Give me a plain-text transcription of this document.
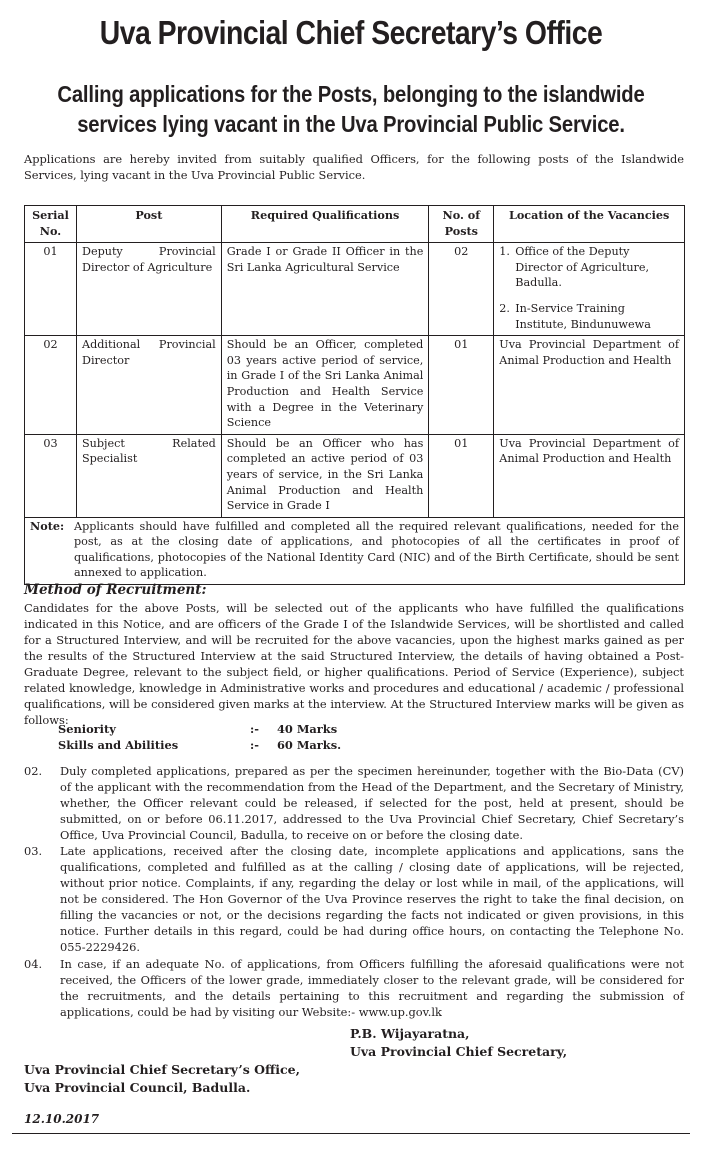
Uva Provincial Chief Secretary’s Office
Calling applications for the Posts, belonging to the islandwide
services lying vacant in the Uva Provincial Public Service.
Applications are hereby invited from suitably qualified Officers, for the following posts of the Islandwide Services, lying vacant in the Uva Provincial Public Service.
Serial No.	Post	Required Qualifications	No. of Posts	Location of the Vacancies
01	Deputy Provincial Director of Agriculture	Grade I or Grade II Officer in the Sri Lanka Agricultural Service	02	1. Office of the Deputy Director of Agriculture, Badulla.
2. In-Service Training Institute, Bindunuwewa

02	Additional Provincial Director	Should be an Officer, completed 03 years active period of service, in Grade I of the Sri Lanka Animal Production and Health Service with a Degree in the Veterinary Science	01	Uva Provincial Department of Animal Production and Health
03	Subject Related Specialist	Should be an Officer who has completed an active period of 03 years of service, in the Sri Lanka Animal Production and Health Service in Grade I	01	Uva Provincial Department of Animal Production and Health

Note: Applicants should have fulfilled and completed all the required relevant qualifications, needed for the post, as at the closing date of applications, and photocopies of all the certificates in proof of qualifications, photocopies of the National Identity Card (NIC) and of the Birth Certificate, should be sent annexed to application.				
Method of Recruitment:
Candidates for the above Posts, will be selected out of the applicants who have fulfilled the qualifications indicated in this Notice, and are officers of the Grade I of the Islandwide Services, will be shortlisted and called for a Structured Interview, and will be recruited for the above vacancies, upon the highest marks gained as per the results of the Structured Interview at the said Structured Interview, the details of having obtained a Post-Graduate Degree, relevant to the subject field, or higher qualifications. Period of Service (Experience), subject related knowledge, knowledge in Administrative works and procedures and educational / academic / professional qualifications, will be considered given marks at the interview. At the Structured Interview marks will be given as follows:
Seniority	:-	40 Marks
Skills and Abilities	:-	60 Marks.
02.	Duly completed applications, prepared as per the specimen hereinunder, together with the Bio-Data (CV) of the applicant with the recommendation from the Head of the Department, and the Secretary of Ministry, whether, the Officer relevant could be released, if selected for the post, held at present, should be submitted, on or before 06.11.2017, addressed to the Uva Provincial Chief Secretary, Chief Secretary’s Office, Uva Provincial Council, Badulla, to receive on or before the closing date.
03.	Late applications, received after the closing date, incomplete applications and applications, sans the qualifications, completed and fulfilled as at the calling / closing date of applications, will be rejected, without prior notice. Complaints, if any, regarding the delay or lost while in mail, of the applications, will not be considered. The Hon Governor of the Uva Province reserves the right to take the final decision, on filling the vacancies or not, or the decisions regarding the facts not indicated or given provisions, in this notice. Further details in this regard, could be had during office hours, on contacting the Telephone No. 055-2229426.
04.	In case, if an adequate No. of applications, from Officers fulfilling the aforesaid qualifications were not received, the Officers of the lower grade, immediately closer to the relevant grade, will be considered for the recruitments, and the details pertaining to this recruitment and regarding the submission of applications, could be had by visiting our Website:- www.up.gov.lk
P.B. Wijayaratna,
Uva Provincial Chief Secretary,
Uva Provincial Chief Secretary’s Office,
Uva Provincial Council, Badulla.
12.10.2017
